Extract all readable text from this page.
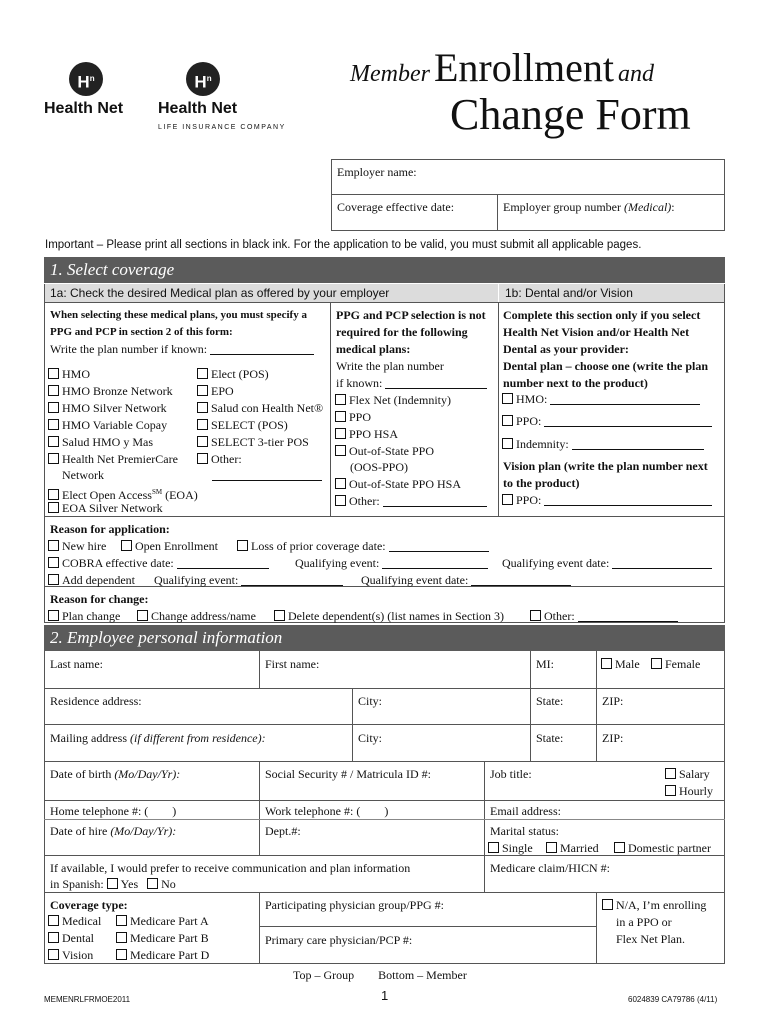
$H^n$
Health Net
$H^n$
Health Net
LIFE INSURANCE COMPANY
Member Enrollment and
Change Form
Employer name:
Coverage effective date:	Employer group number (Medical):
Important – Please print all sections in black ink. For the application to be valid, you must submit all applicable pages.
1. Select coverage
1a: Check the desired Medical plan as offered by your employer	1b: Dental and/or Vision
When selecting these medical plans, you must specify a
PPG and PCP in section 2 of this form:
Write the plan number if known:
HMO
HMO Bronze Network
HMO Silver Network
HMO Variable Copay
Salud HMO y Mas
Health Net PremierCare
Network
Elect Open Access℠ (EOA)
EOA Silver Network
Elect (POS)
EPO
Salud con Health Net®
SELECT (POS)
SELECT 3-tier POS
Other:
PPG and PCP selection is not
required for the following
medical plans:
Write the plan number
if known:
Flex Net (Indemnity)
PPO
PPO HSA
Out-of-State PPO
(OOS-PPO)
Out-of-State PPO HSA
Other:
Complete this section only if you select
Health Net Vision and/or Health Net
Dental as your provider:
Dental plan – choose one (write the plan
number next to the product)
HMO:
PPO:
Indemnity:
Vision plan (write the plan number next
to the product)
PPO:
Reason for application:
New hire	Open Enrollment	Loss of prior coverage date:
COBRA effective date:	Qualifying event:	Qualifying event date:
Add dependent Qualifying event:	Qualifying event date:
Reason for change:
Plan change	Change address/name	Delete dependent(s) (list names in Section 3)	Other:
2. Employee personal information
Last name:	First name:	MI:	Male	Female
Residence address:	City:	State:	ZIP:
Mailing address (if different from residence):	City:	State:	ZIP:
Date of birth (Mo/Day/Yr):	Social Security # / Matricula ID #:	Job title:	Salary
Hourly
Home telephone #: (        )	Work telephone #: (        )	Email address:
Date of hire (Mo/Day/Yr):	Dept.#:	Marital status:
Single	Married	Domestic partner
If available, I would prefer to receive communication and plan information
in Spanish: Yes No
Medicare claim/HICN #:
Coverage type:
Medical
Dental
Vision
Medicare Part A
Medicare Part B
Medicare Part D
Participating physician group/PPG #:
Primary care physician/PCP #:
N/A, I’m enrolling
in a PPO or
Flex Net Plan.
Top – Group        Bottom – Member
MEMENRLFRMOE2011	1	6024839 CA79786 (4/11)
